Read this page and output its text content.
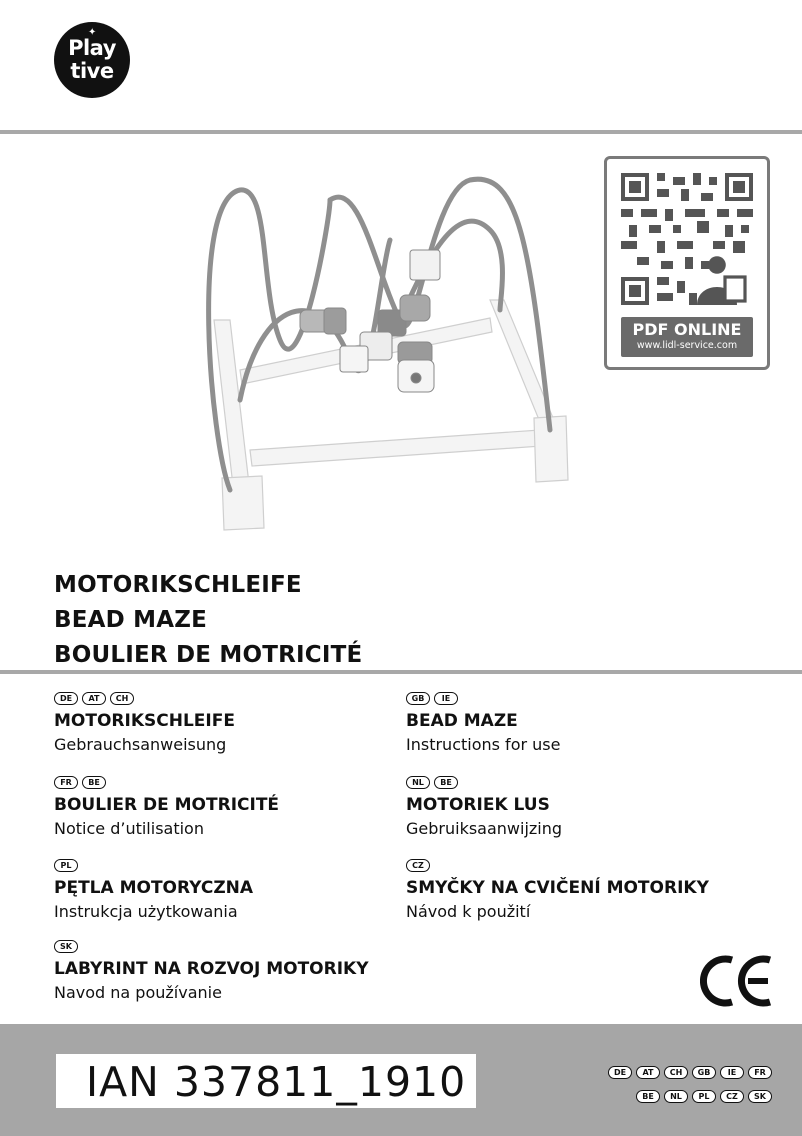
✦
Play
tive
PDF ONLINE
www.lidl-service.com
MOTORIKSCHLEIFE
BEAD MAZE
BOULIER DE MOTRICITÉ
DE	AT	CH
MOTORIKSCHLEIFE
Gebrauchsanweisung
GB	IE
BEAD MAZE
Instructions for use
FR	BE
BOULIER DE MOTRICITÉ
Notice d’utilisation
NL	BE
MOTORIEK LUS
Gebruiksaanwijzing
PL
PĘTLA MOTORYCZNA
Instrukcja użytkowania
CZ
SMYČKY NA CVIČENÍ MOTORIKY
Návod k použití
SK
LABYRINT NA ROZVOJ MOTORIKY
Navod na používanie
IAN 337811_1910	DE	AT	CH	GB	IE	FR
BE	NL	PL	CZ	SK
